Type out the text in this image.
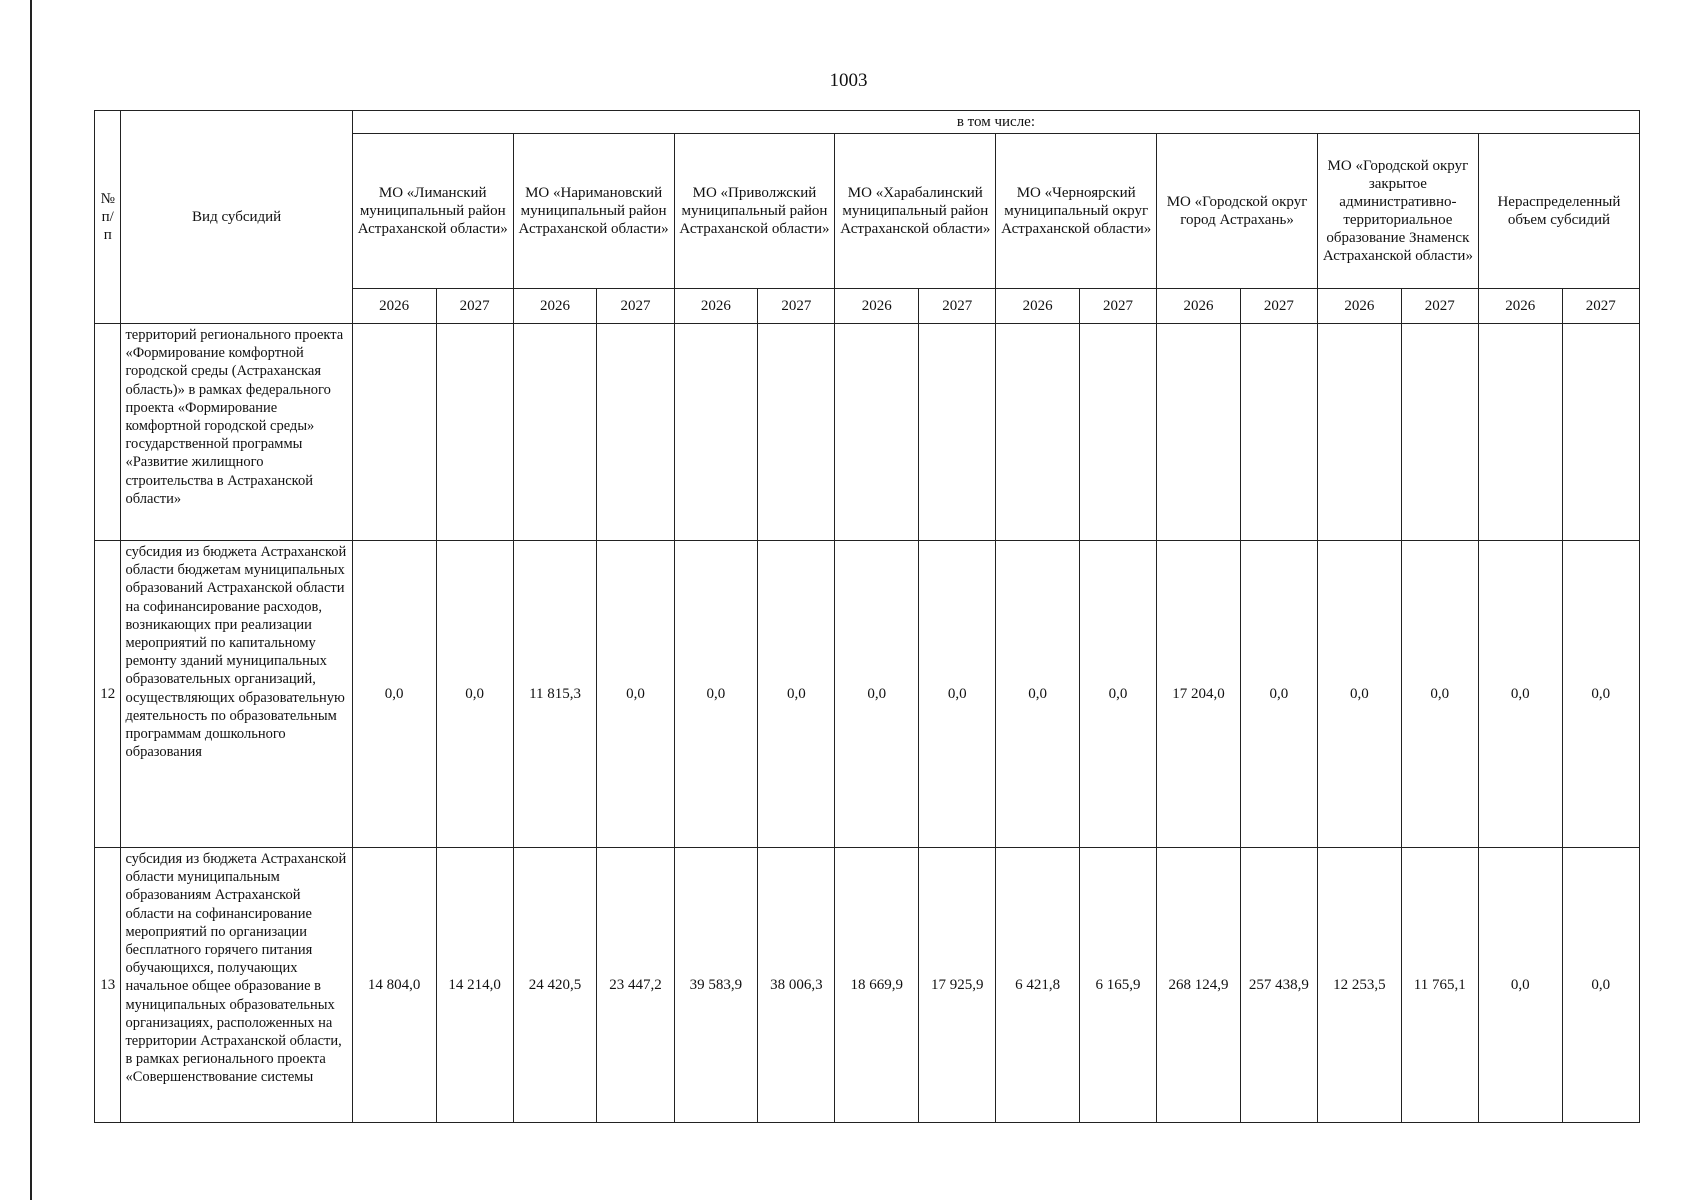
1003
№ п/п	Вид субсидий	в том числе:															
		МО «Лиманский муниципальный район Астраханской области»		МО «Наримановский муниципальный район Астраханской области»		МО «Приволжский муниципальный район Астраханской области»		МО «Харабалинский муниципальный район Астраханской области»		МО «Черноярский муниципальный округ Астраханской области»		МО «Городской округ город Астрахань»		МО «Городской округ закрытое административно-территориальное образование Знаменск Астраханской области»		Нераспределенный объем субсидий	
		2026	2027	2026	2027	2026	2027	2026	2027	2026	2027	2026	2027	2026	2027	2026	2027
	территорий регионального проекта «Формирование комфортной городской среды (Астраханская область)» в рамках федерального проекта «Формирование комфортной городской среды» государственной программы «Развитие жилищного строительства в Астраханской области»																
12	субсидия из бюджета Астраханской области бюджетам муниципальных образований Астраханской области на софинансирование расходов, возникающих при реализации мероприятий по капитальному ремонту зданий муниципальных образовательных организаций, осуществляющих образовательную деятельность по образовательным программам дошкольного образования	0,0	0,0	11 815,3	0,0	0,0	0,0	0,0	0,0	0,0	0,0	17 204,0	0,0	0,0	0,0	0,0	0,0
13	субсидия из бюджета Астраханской области муниципальным образованиям Астраханской области на софинансирование мероприятий по организации бесплатного горячего питания обучающихся, получающих начальное общее образование в муниципальных образовательных организациях, расположенных на территории Астраханской области, в рамках регионального проекта «Совершенствование системы	14 804,0	14 214,0	24 420,5	23 447,2	39 583,9	38 006,3	18 669,9	17 925,9	6 421,8	6 165,9	268 124,9	257 438,9	12 253,5	11 765,1	0,0	0,0
